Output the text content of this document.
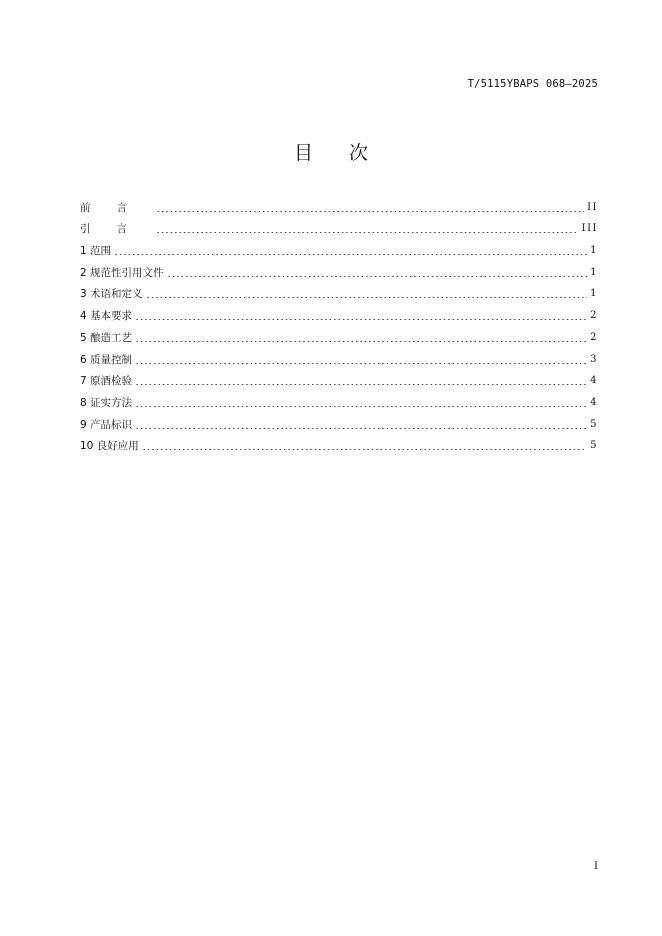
T/5115YBAPS 068—2025
目 次
前言	II
引言	III
1 范围	1
2 规范性引用文件	1
3 术语和定义	1
4 基本要求	2
5 酿造工艺	2
6 质量控制	3
7 原酒检验	4
8 证实方法	4
9 产品标识	5
10 良好应用	5
I
